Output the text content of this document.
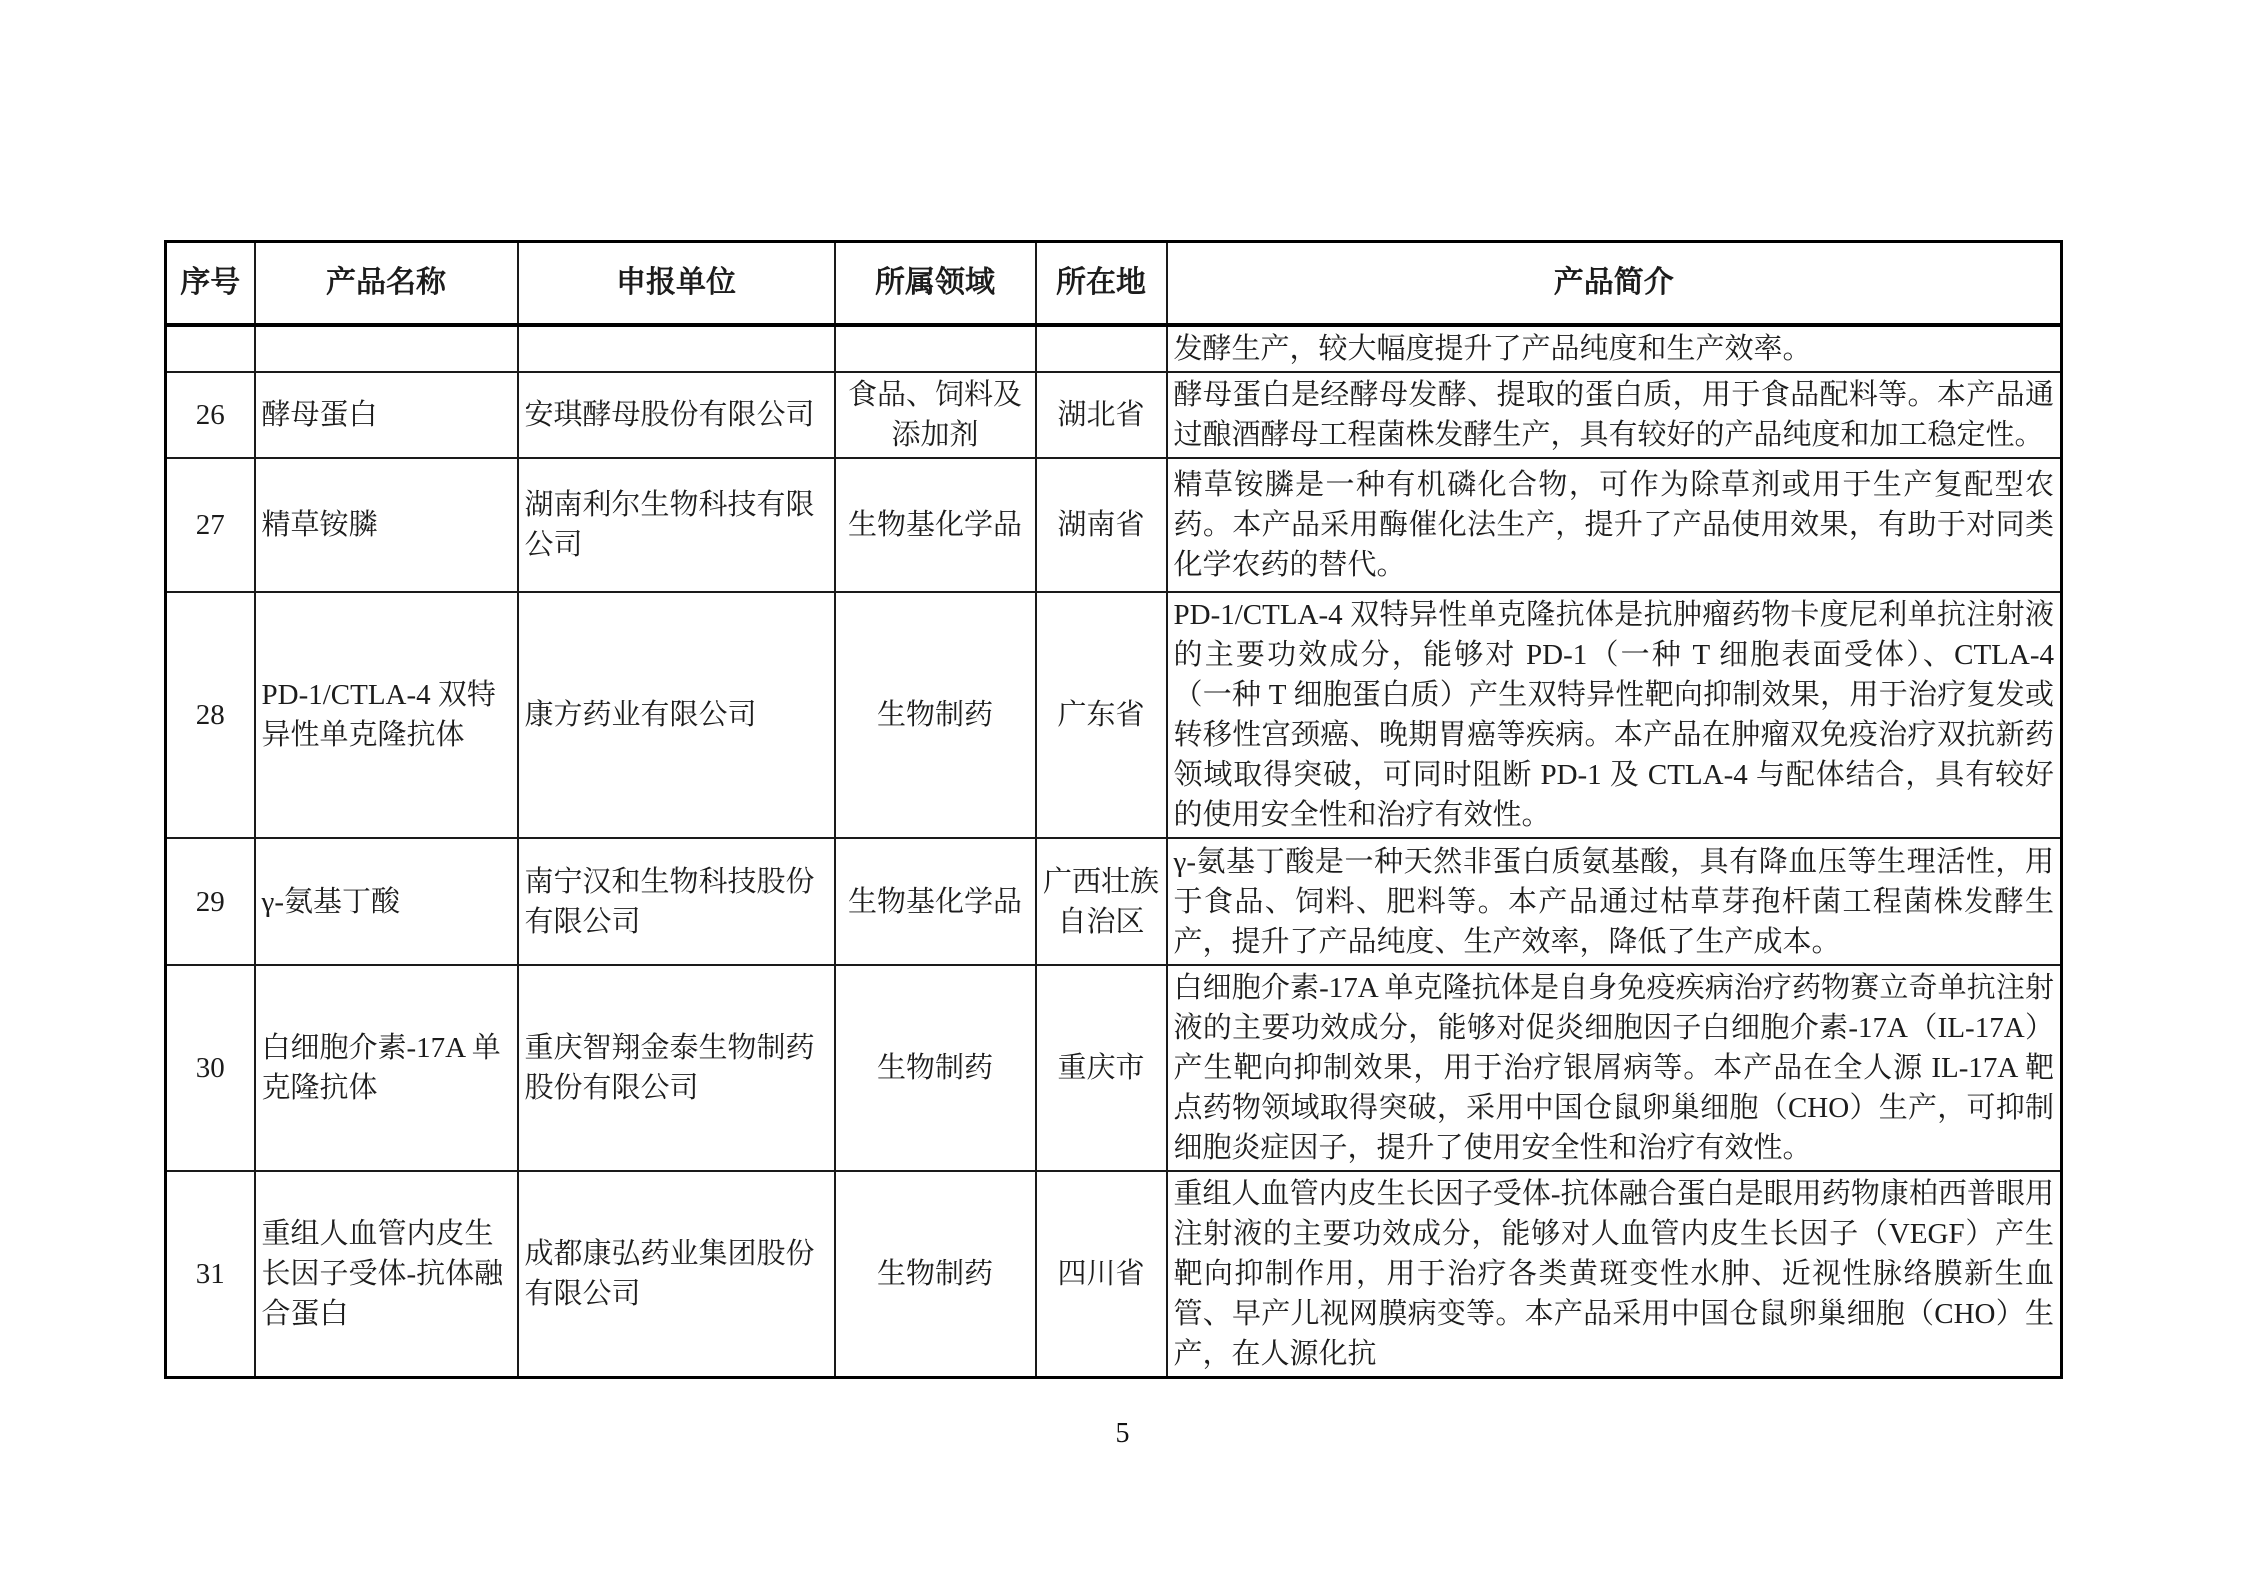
序号	产品名称	申报单位	所属领域	所在地	产品简介
					发酵生产，较大幅度提升了产品纯度和生产效率。
26	酵母蛋白	安琪酵母股份有限公司	食品、饲料及添加剂	湖北省	酵母蛋白是经酵母发酵、提取的蛋白质，用于食品配料等。本产品通过酿酒酵母工程菌株发酵生产，具有较好的产品纯度和加工稳定性。
27	精草铵膦	湖南利尔生物科技有限公司	生物基化学品	湖南省	精草铵膦是一种有机磷化合物，可作为除草剂或用于生产复配型农药。本产品采用酶催化法生产，提升了产品使用效果，有助于对同类化学农药的替代。
28	PD-1/CTLA-4 双特异性单克隆抗体	康方药业有限公司	生物制药	广东省	PD-1/CTLA-4 双特异性单克隆抗体是抗肿瘤药物卡度尼利单抗注射液的主要功效成分，能够对 PD-1（一种 T 细胞表面受体）、CTLA-4（一种 T 细胞蛋白质）产生双特异性靶向抑制效果，用于治疗复发或转移性宫颈癌、晚期胃癌等疾病。本产品在肿瘤双免疫治疗双抗新药领域取得突破，可同时阻断 PD-1 及 CTLA-4 与配体结合，具有较好的使用安全性和治疗有效性。
29	γ-氨基丁酸	南宁汉和生物科技股份有限公司	生物基化学品	广西壮族自治区	γ-氨基丁酸是一种天然非蛋白质氨基酸，具有降血压等生理活性，用于食品、饲料、肥料等。本产品通过枯草芽孢杆菌工程菌株发酵生产，提升了产品纯度、生产效率，降低了生产成本。
30	白细胞介素-17A 单克隆抗体	重庆智翔金泰生物制药股份有限公司	生物制药	重庆市	白细胞介素-17A 单克隆抗体是自身免疫疾病治疗药物赛立奇单抗注射液的主要功效成分，能够对促炎细胞因子白细胞介素-17A（IL-17A）产生靶向抑制效果，用于治疗银屑病等。本产品在全人源 IL-17A 靶点药物领域取得突破，采用中国仓鼠卵巢细胞（CHO）生产，可抑制细胞炎症因子，提升了使用安全性和治疗有效性。
31	重组人血管内皮生长因子受体-抗体融合蛋白	成都康弘药业集团股份有限公司	生物制药	四川省	重组人血管内皮生长因子受体-抗体融合蛋白是眼用药物康柏西普眼用注射液的主要功效成分，能够对人血管内皮生长因子（VEGF）产生靶向抑制作用，用于治疗各类黄斑变性水肿、近视性脉络膜新生血管、早产儿视网膜病变等。本产品采用中国仓鼠卵巢细胞（CHO）生产，在人源化抗
5
